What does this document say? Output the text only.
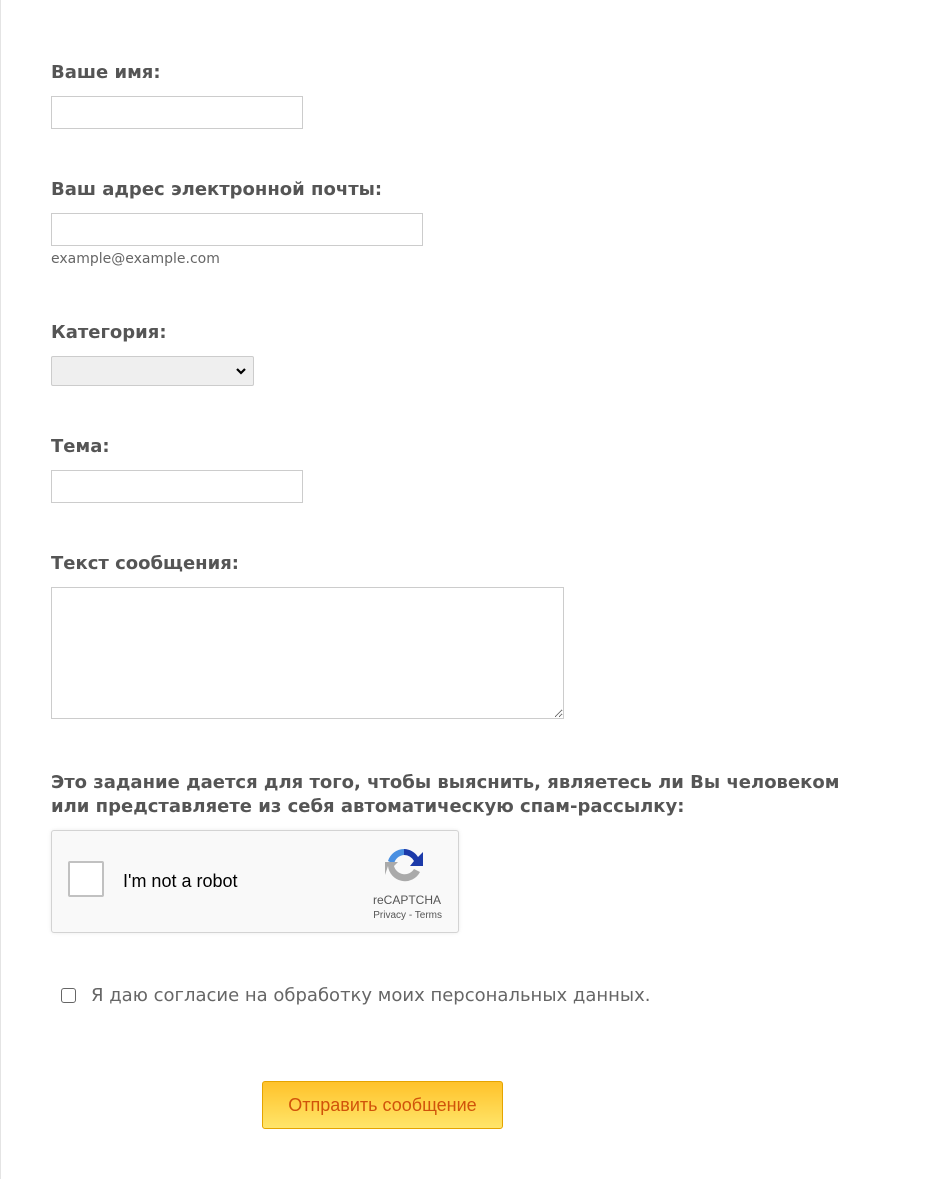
Ваше имя:
Ваш адрес электронной почты:
example@example.com
Категория:
Тема:
Текст сообщения:
Это задание дается для того, чтобы выяснить, являетесь ли Вы человеком
или представляете из себя автоматическую спам-рассылку:
I'm not a robot
reCAPTCHA
Privacy - Terms
Я даю согласие на обработку моих персональных данных.
Отправить сообщение
